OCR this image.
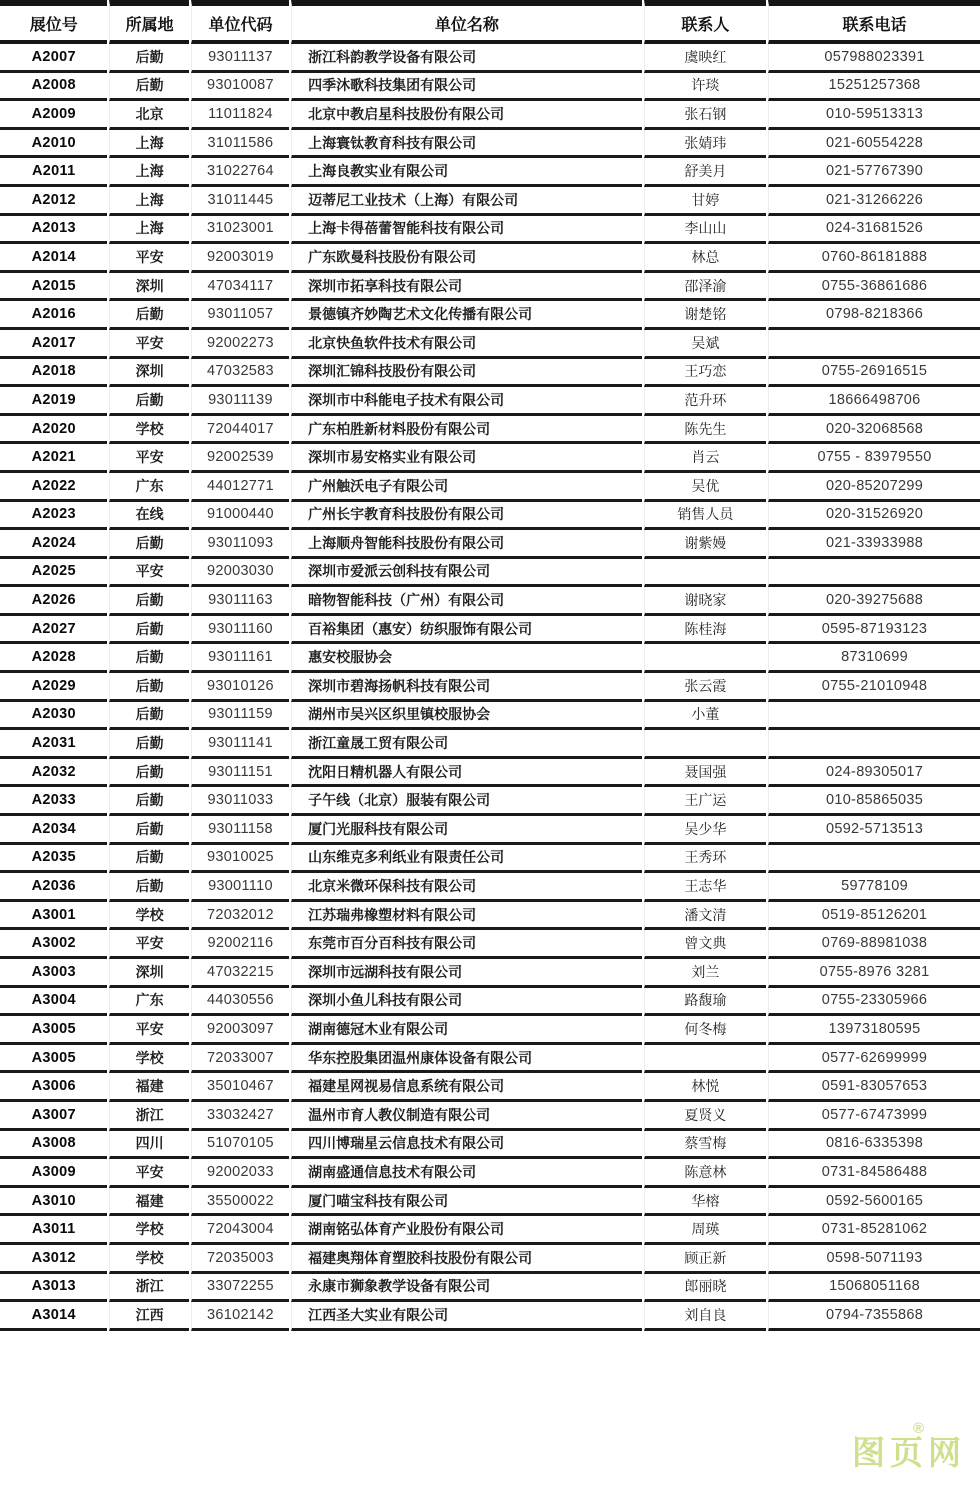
展位号	所属地	单位代码	单位名称	联系人	联系电话
A2007	后勤	93011137	浙江科韵教学设备有限公司	虞映红	057988023391
A2008	后勤	93010087	四季沐歌科技集团有限公司	许琰	15251257368
A2009	北京	11011824	北京中教启星科技股份有限公司	张石钢	010-59513313
A2010	上海	31011586	上海寰钛教育科技有限公司	张婧玮	021-60554228
A2011	上海	31022764	上海良教实业有限公司	舒美月	021-57767390
A2012	上海	31011445	迈蒂尼工业技术（上海）有限公司	甘婷	021-31266226
A2013	上海	31023001	上海卡得蓓蕾智能科技有限公司	李山山	024-31681526
A2014	平安	92003019	广东欧曼科技股份有限公司	林总	0760-86181888
A2015	深圳	47034117	深圳市拓享科技有限公司	邵泽渝	0755-36861686
A2016	后勤	93011057	景德镇齐妙陶艺术文化传播有限公司	谢楚铭	0798-8218366
A2017	平安	92002273	北京快鱼软件技术有限公司	吴斌	
A2018	深圳	47032583	深圳汇锦科技股份有限公司	王巧恋	0755-26916515
A2019	后勤	93011139	深圳市中科能电子技术有限公司	范升环	18666498706
A2020	学校	72044017	广东柏胜新材料股份有限公司	陈先生	020-32068568
A2021	平安	92002539	深圳市易安格实业有限公司	肖云	0755 - 83979550
A2022	广东	44012771	广州触沃电子有限公司	吴优	020-85207299
A2023	在线	91000440	广州长宇教育科技股份有限公司	销售人员	020-31526920
A2024	后勤	93011093	上海顺舟智能科技股份有限公司	谢紫嫚	021-33933988
A2025	平安	92003030	深圳市爱派云创科技有限公司		
A2026	后勤	93011163	暗物智能科技（广州）有限公司	谢晓家	020-39275688
A2027	后勤	93011160	百裕集团（惠安）纺织服饰有限公司	陈桂海	0595-87193123
A2028	后勤	93011161	惠安校服协会		87310699
A2029	后勤	93010126	深圳市碧海扬帆科技有限公司	张云霞	0755-21010948
A2030	后勤	93011159	湖州市吴兴区织里镇校服协会	小董	
A2031	后勤	93011141	浙江童晟工贸有限公司		
A2032	后勤	93011151	沈阳日精机器人有限公司	聂国强	024-89305017
A2033	后勤	93011033	子午线（北京）服装有限公司	王广运	010-85865035
A2034	后勤	93011158	厦门光服科技有限公司	吴少华	0592-5713513
A2035	后勤	93010025	山东维克多利纸业有限责任公司	王秀环	
A2036	后勤	93001110	北京米微环保科技有限公司	王志华	59778109
A3001	学校	72032012	江苏瑞弗橡塑材料有限公司	潘文清	0519-85126201
A3002	平安	92002116	东莞市百分百科技有限公司	曾文典	0769-88981038
A3003	深圳	47032215	深圳市远湖科技有限公司	刘兰	0755-8976 3281
A3004	广东	44030556	深圳小鱼儿科技有限公司	路馥瑜	0755-23305966
A3005	平安	92003097	湖南德冠木业有限公司	何冬梅	13973180595
A3005	学校	72033007	华东控股集团温州康体设备有限公司		0577-62699999
A3006	福建	35010467	福建星网视易信息系统有限公司	林悦	0591-83057653
A3007	浙江	33032427	温州市育人教仪制造有限公司	夏贤义	0577-67473999
A3008	四川	51070105	四川博瑞星云信息技术有限公司	蔡雪梅	0816-6335398
A3009	平安	92002033	湖南盛通信息技术有限公司	陈意林	0731-84586488
A3010	福建	35500022	厦门喵宝科技有限公司	华榕	0592-5600165
A3011	学校	72043004	湖南铭弘体育产业股份有限公司	周瑛	0731-85281062
A3012	学校	72035003	福建奥翔体育塑胶科技股份有限公司	顾正新	0598-5071193
A3013	浙江	33072255	永康市狮象教学设备有限公司	郎丽晓	15068051168
A3014	江西	36102142	江西圣大实业有限公司	刘自良	0794-7355868
®
图页网
